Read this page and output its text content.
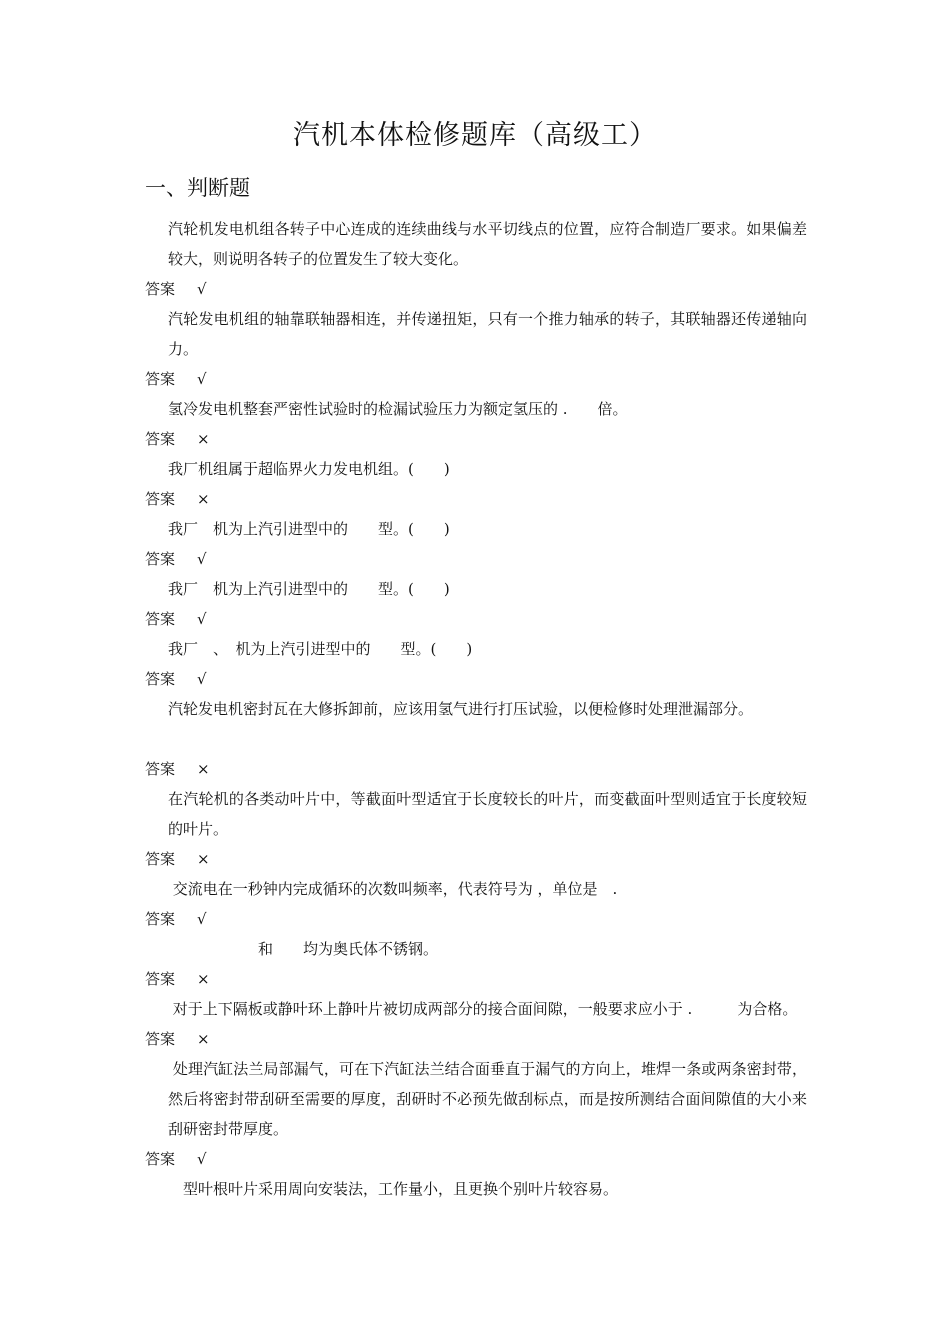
汽机本体检修题库（高级工）
一、判断题
汽轮机发电机组各转子中心连成的连续曲线与水平切线点的位置，应符合制造厂要求。如果偏差较大，则说明各转子的位置发生了较大变化。
答案 √
汽轮发电机组的轴靠联轴器相连，并传递扭矩，只有一个推力轴承的转子，其联轴器还传递轴向力。
答案 √
氢冷发电机整套严密性试验时的检漏试验压力为额定氢压的 .　　倍。
答案 ×
我厂机组属于超临界火力发电机组。(　　)
答案 ×
我厂　机为上汽引进型中的　　型。(　　)
答案 √
我厂　机为上汽引进型中的　　型。(　　)
答案 √
我厂　、　机为上汽引进型中的　　型。(　　)
答案 √
汽轮发电机密封瓦在大修拆卸前，应该用氢气进行打压试验，以便检修时处理泄漏部分。
答案 ×
在汽轮机的各类动叶片中，等截面叶型适宜于长度较长的叶片，而变截面叶型则适宜于长度较短的叶片。
答案 ×
交流电在一秒钟内完成循环的次数叫频率，代表符号为 ，单位是　.
答案 √
　　　　　　和　　均为奥氏体不锈钢。
答案 ×
对于上下隔板或静叶环上静叶片被切成两部分的接合面间隙，一般要求应小于 .　　　为合格。
答案 ×
处理汽缸法兰局部漏气，可在下汽缸法兰结合面垂直于漏气的方向上，堆焊一条或两条密封带，然后将密封带刮研至需要的厚度，刮研时不必预先做刮标点，而是按所测结合面间隙值的大小来刮研密封带厚度。
答案 √
　型叶根叶片采用周向安装法，工作量小，且更换个别叶片较容易。
